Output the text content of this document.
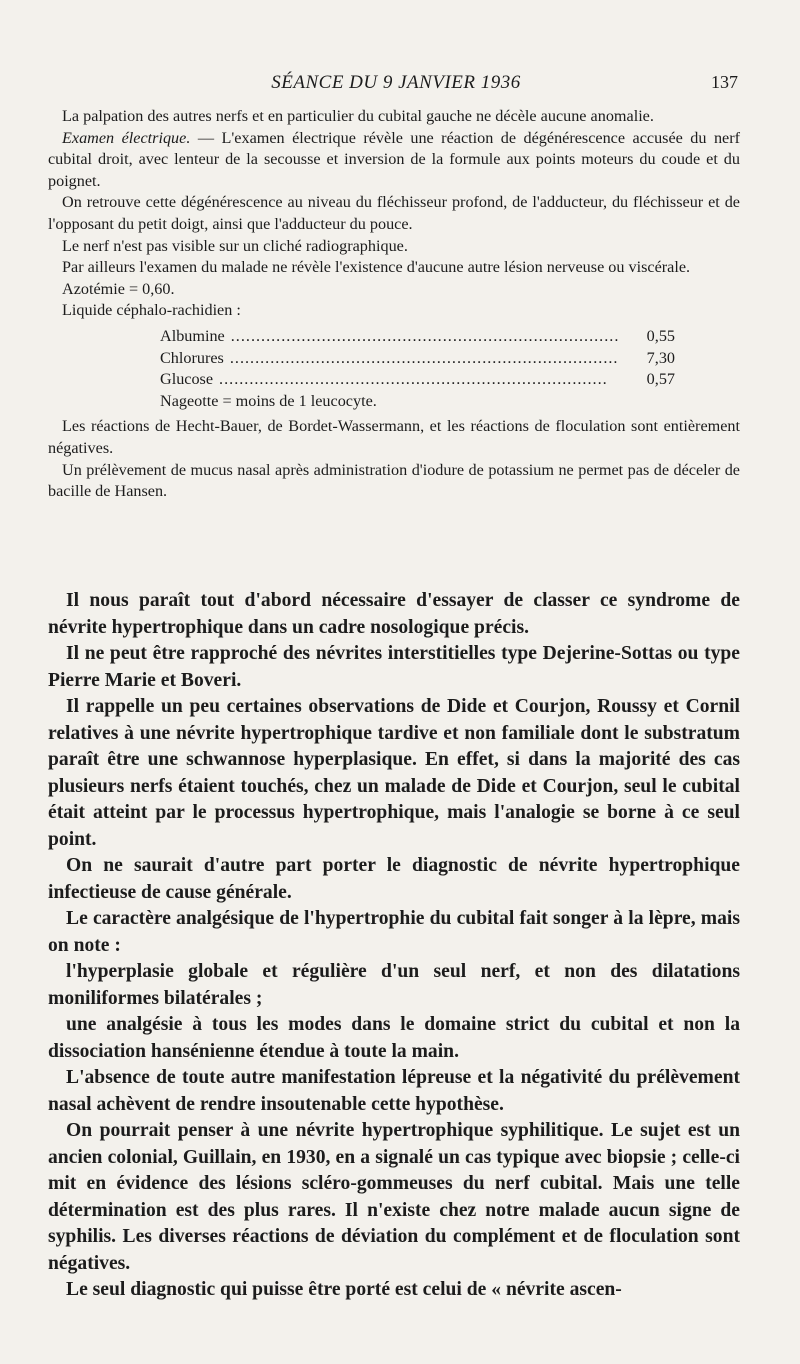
SÉANCE DU 9 JANVIER 1936	137

La palpation des autres nerfs et en particulier du cubital gauche ne décèle aucune anomalie.

Examen électrique. — L'examen électrique révèle une réaction de dégénérescence accusée du nerf cubital droit, avec lenteur de la secousse et inversion de la formule aux points moteurs du coude et du poignet.

On retrouve cette dégénérescence au niveau du fléchisseur profond, de l'adducteur, du fléchisseur et de l'opposant du petit doigt, ainsi que l'adducteur du pouce.

Le nerf n'est pas visible sur un cliché radiographique.

Par ailleurs l'examen du malade ne révèle l'existence d'aucune autre lésion nerveuse ou viscérale.

Azotémie = 0,60.

Liquide céphalo-rachidien :

Albumine .............................................................................	0,55
Chlorures .............................................................................	7,30
Glucose .............................................................................	0,57
Nageotte = moins de 1 leucocyte.

Les réactions de Hecht-Bauer, de Bordet-Wassermann, et les réactions de floculation sont entièrement négatives.

Un prélèvement de mucus nasal après administration d'iodure de potassium ne permet pas de déceler de bacille de Hansen.

Il nous paraît tout d'abord nécessaire d'essayer de classer ce syndrome de névrite hypertrophique dans un cadre nosologique précis.

Il ne peut être rapproché des névrites interstitielles type Dejerine-Sottas ou type Pierre Marie et Boveri.

Il rappelle un peu certaines observations de Dide et Courjon, Roussy et Cornil relatives à une névrite hypertrophique tardive et non familiale dont le substratum paraît être une schwannose hyperplasique. En effet, si dans la majorité des cas plusieurs nerfs étaient touchés, chez un malade de Dide et Courjon, seul le cubital était atteint par le processus hypertrophique, mais l'analogie se borne à ce seul point.

On ne saurait d'autre part porter le diagnostic de névrite hypertrophique infectieuse de cause générale.

Le caractère analgésique de l'hypertrophie du cubital fait songer à la lèpre, mais on note :

l'hyperplasie globale et régulière d'un seul nerf, et non des dilatations moniliformes bilatérales ;

une analgésie à tous les modes dans le domaine strict du cubital et non la dissociation hansénienne étendue à toute la main.

L'absence de toute autre manifestation lépreuse et la négativité du prélèvement nasal achèvent de rendre insoutenable cette hypothèse.

On pourrait penser à une névrite hypertrophique syphilitique. Le sujet est un ancien colonial, Guillain, en 1930, en a signalé un cas typique avec biopsie ; celle-ci mit en évidence des lésions scléro-gommeuses du nerf cubital. Mais une telle détermination est des plus rares. Il n'existe chez notre malade aucun signe de syphilis. Les diverses réactions de déviation du complément et de floculation sont négatives.

Le seul diagnostic qui puisse être porté est celui de « névrite ascen-
